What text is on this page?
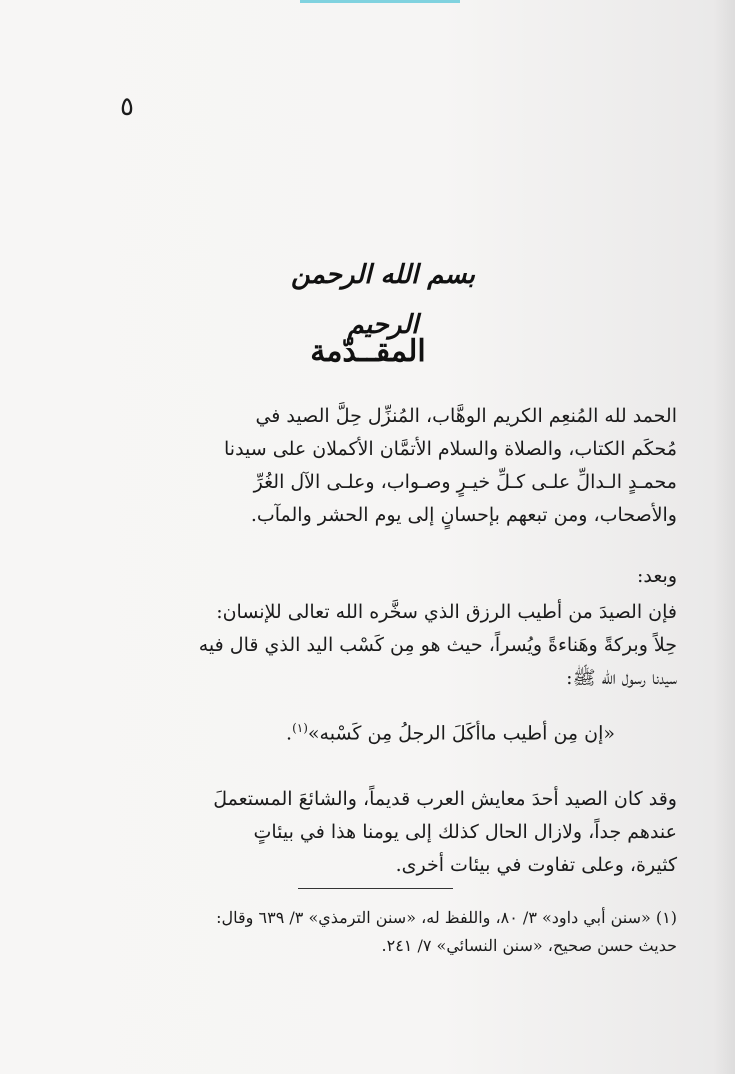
٥
بسم الله الرحمن الرحيم
المقــدّمة
الحمد لله المُنعِم الكريم الوهَّاب، المُنزِّل حِلَّ الصيد في
مُحكَم الكتاب، والصلاة والسلام الأتمَّان الأكملان على سيدنا
محمـدٍ الـدالِّ علـى كـلِّ خيـرٍ وصـواب، وعلـى الآل الغُرِّ
والأصحاب، ومن تبعهم بإحسانٍ إلى يوم الحشر والمآب.
وبعد:
فإن الصيدَ من أطيب الرزق الذي سخَّره الله تعالى للإنسان:
حِلاً وبركةً وهَناءةً ويُسراً، حيث هو مِن كَسْب اليد الذي قال فيه
سيدنا رسول الله ﷺ:
«إن مِن أطيب ماأكَلَ الرجلُ مِن كَسْبه»$^{(١)}$.
وقد كان الصيد أحدَ معايش العرب قديماً، والشائعَ المستعملَ
عندهم جداً، ولازال الحال كذلك إلى يومنا هذا في بيئاتٍ
كثيرة، وعلى تفاوت في بيئات أخرى.
(١) «سنن أبي داود» ٣/ ٨٠، واللفظ له، «سنن الترمذي» ٣/ ٦٣٩ وقال:
حديث حسن صحيح، «سنن النسائي» ٧/ ٢٤١.
